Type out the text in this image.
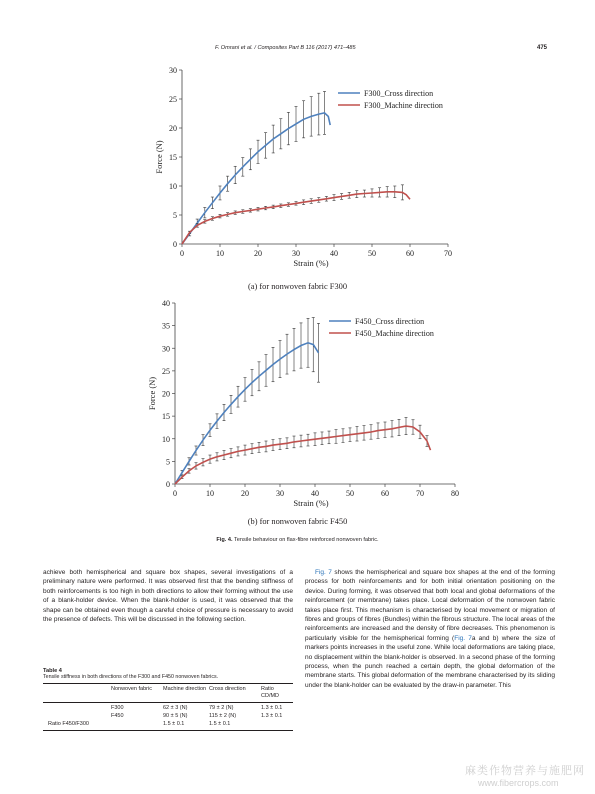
F. Omrani et al. / Composites Part B 116 (2017) 471–485	475
0
5
10
15
20
25
30
0	10	20	30	40	50	60	70
Strain (%)
Force (N)
F300_Cross direction
F300_Machine direction
(a) for nonwoven fabric F300
0
5
10
15
20
25
30
35
40
0	10	20	30	40	50	60	70	80
Strain (%)
Force (N)
F450_Cross direction
F450_Machine direction
(b) for nonwoven fabric F450
Fig. 4. Tensile behaviour on flax-fibre reinforced nonwoven fabric.

achieve both hemispherical and square box shapes, several investigations of a preliminary nature were performed. It was observed first that the bending stiffness of both reinforcements is too high in both directions to allow their forming without the use of a blank-holder device. When the blank-holder is used, it was observed that the shape can be obtained even though a careful choice of pressure is necessary to avoid the presence of defects. This will be discussed in the following section.

Table 4
Tensile stiffness in both directions of the F300 and F450 nonwoven fabrics.
	Nonwoven fabric	Machine direction	Cross direction	Ratio CD/MD
	F300	62 ± 3 (N)	79 ± 2 (N)	1.3 ± 0.1
	F450	90 ± 5 (N)	115 ± 2 (N)	1.3 ± 0.1
Ratio F450/F300		1.5 ± 0.1	1.5 ± 0.1	

Fig. 7 shows the hemispherical and square box shapes at the end of the forming process for both reinforcements and for both initial orientation positioning on the device. During forming, it was observed that both local and global deformations of the reinforcement (or membrane) takes place. Local deformation of the nonwoven fabric takes place first. This mechanism is characterised by local movement or migration of fibres and groups of fibres (Bundles) within the fibrous structure. The local areas of the reinforcements are increased and the density of fibre decreases. This phenomenon is particularly visible for the hemispherical forming (Fig. 7a and b) where the size of markers points increases in the useful zone. While local deformations are taking place, no displacement within the blank-holder is observed. In a second phase of the forming process, when the punch reached a certain depth, the global deformation of the membrane starts. This global deformation of the membrane characterised by its sliding under the blank-holder can be evaluated by the draw-in parameter. This

麻类作物营养与施肥网
www.fibercrops.com
